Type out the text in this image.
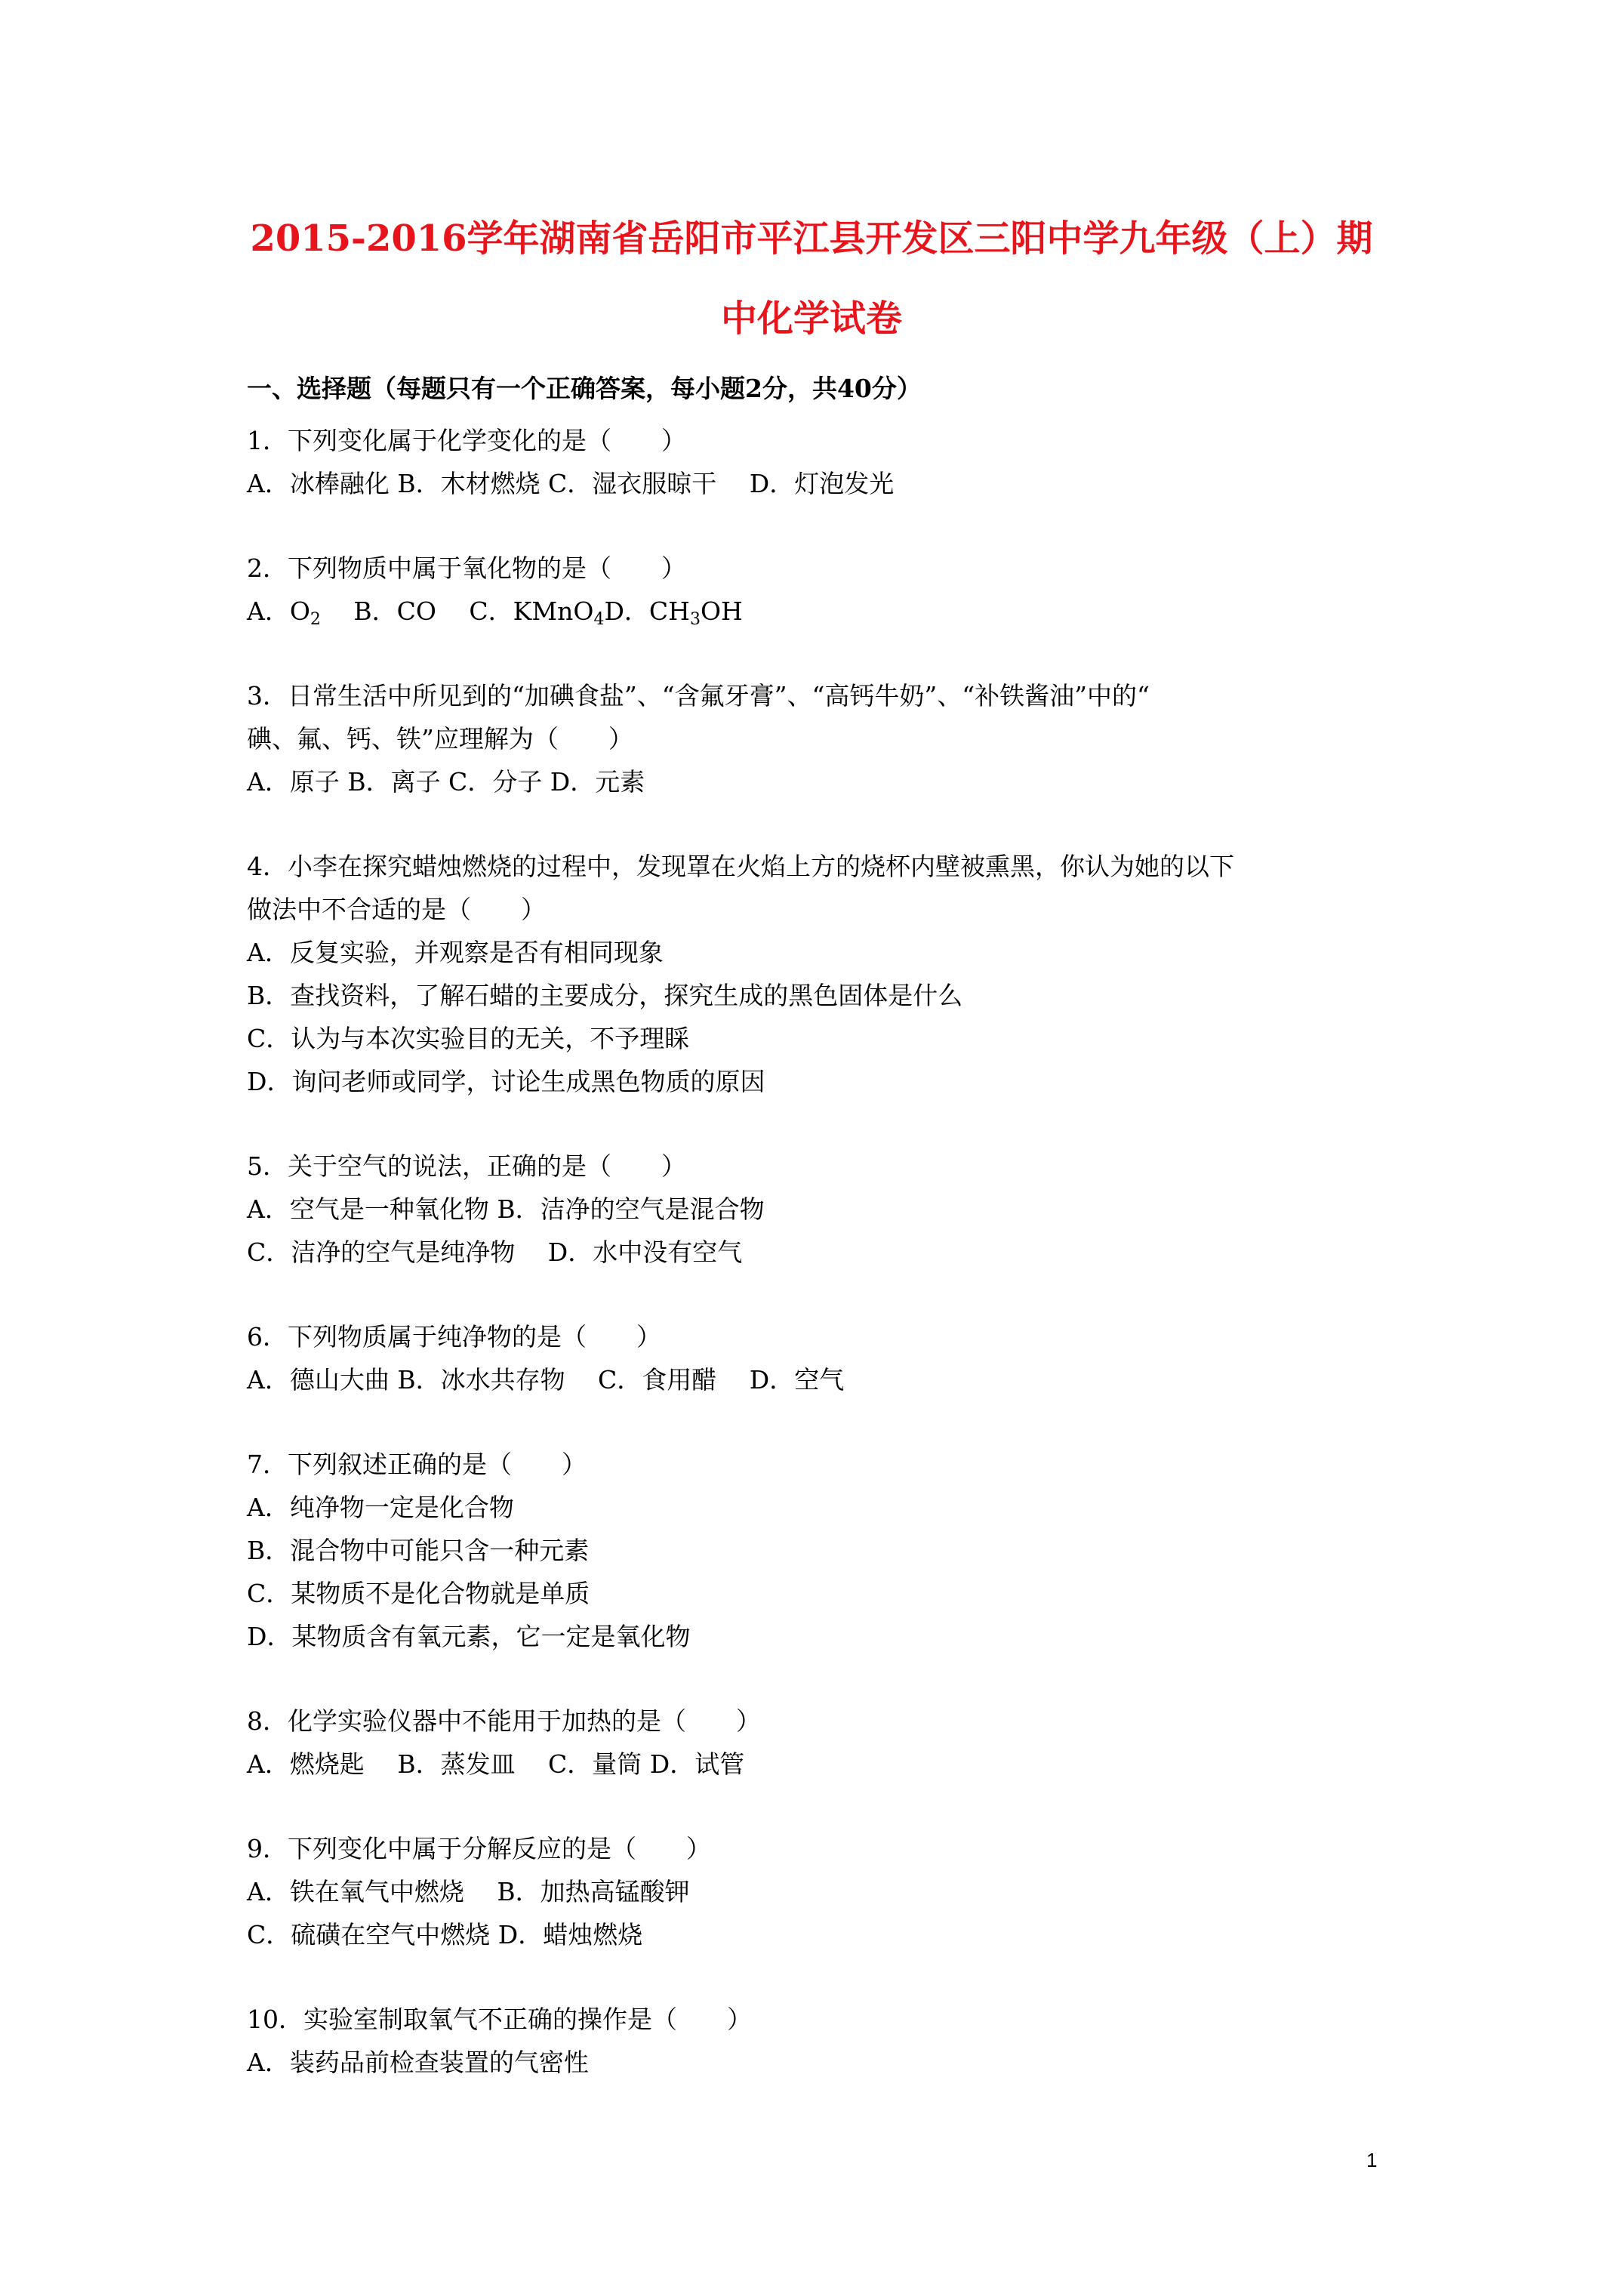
2015-2016学年湖南省岳阳市平江县开发区三阳中学九年级（上）期
中化学试卷
一、选择题（每题只有一个正确答案，每小题2分，共40分）
1．下列变化属于化学变化的是（　　）
A．冰棒融化 B．木材燃烧 C．湿衣服晾干　 D．灯泡发光
2．下列物质中属于氧化物的是（　　）
A．$O_2$　 B．CO　 C．KMnO$_4$D．$CH_3OH$
3．日常生活中所见到的“加碘食盐”、“含氟牙膏”、“高钙牛奶”、“补铁酱油”中的“
碘、氟、钙、铁”应理解为（　　）
A．原子 B．离子 C．分子 D．元素
4．小李在探究蜡烛燃烧的过程中，发现罩在火焰上方的烧杯内壁被熏黑，你认为她的以下
做法中不合适的是（　　）
A．反复实验，并观察是否有相同现象
B．查找资料，了解石蜡的主要成分，探究生成的黑色固体是什么
C．认为与本次实验目的无关，不予理睬
D．询问老师或同学，讨论生成黑色物质的原因
5．关于空气的说法，正确的是（　　）
A．空气是一种氧化物 B．洁净的空气是混合物
C．洁净的空气是纯净物　 D．水中没有空气
6．下列物质属于纯净物的是（　　）
A．德山大曲 B．冰水共存物　 C．食用醋　 D．空气
7．下列叙述正确的是（　　）
A．纯净物一定是化合物
B．混合物中可能只含一种元素
C．某物质不是化合物就是单质
D．某物质含有氧元素，它一定是氧化物
8．化学实验仪器中不能用于加热的是（　　）
A．燃烧匙　 B．蒸发皿　 C．量筒 D．试管
9．下列变化中属于分解反应的是（　　）
A．铁在氧气中燃烧　 B．加热高锰酸钾
C．硫磺在空气中燃烧 D．蜡烛燃烧
10．实验室制取氧气不正确的操作是（　　）
A．装药品前检查装置的气密性
1
